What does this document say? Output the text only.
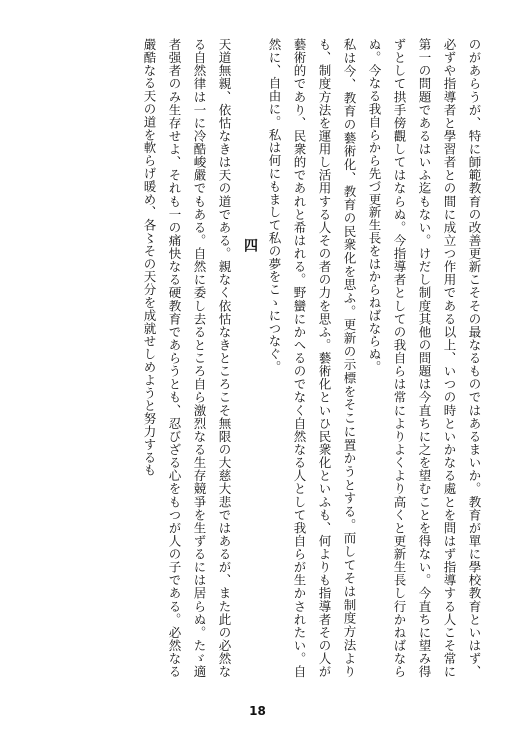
のがあらうが、特に師範教育の改善更新こそその最なるものではあるまいか。教育が單に學校教育といはず、必ずや指導者と學習者との間に成立つ作用である以上、いつの時といかなる處とを問はず指導する人こそ常に第一の問題であるはいふ迄もない。けだし制度其他の問題は今直ちに之を望むことを得ない。今直ちに望み得ずとして拱手傍觀してはならぬ。今指導者としての我自らは常によりよくより高くと更新生長し行かねばならぬ。今なる我自らから先づ更新生長をはからねばならぬ。

私は今、教育の藝術化、教育の民衆化を思ふ。更新の示標をそこに置かうとする。而してそは制度方法よりも、制度方法を運用し活用する人その者の力を思ふ。藝術化といひ民衆化といふも、何よりも指導者その人が藝術的であり、民衆的であれと希はれる。野蠻にかへるのでなく自然なる人として我自らが生かされたい。自然に、自由に。私は何にもまして私の夢をこゝにつなぐ。

四

天道無親、依怙なきは天の道である。親なく依怙なきところこそ無限の大慈大悲ではあるが、また此の必然なる自然律は一に冷酷峻嚴でもある。自然に委し去るところ自ら激烈なる生存競爭を生ずるには居らぬ。たゞ適者强者のみ生存せよ、それも一の痛快なる硬教育であらうとも、忍びざる心をもつが人の子である。必然なる嚴酷なる天の道を軟らげ暖め、各〻その天分を成就せしめようと努力するも

18
